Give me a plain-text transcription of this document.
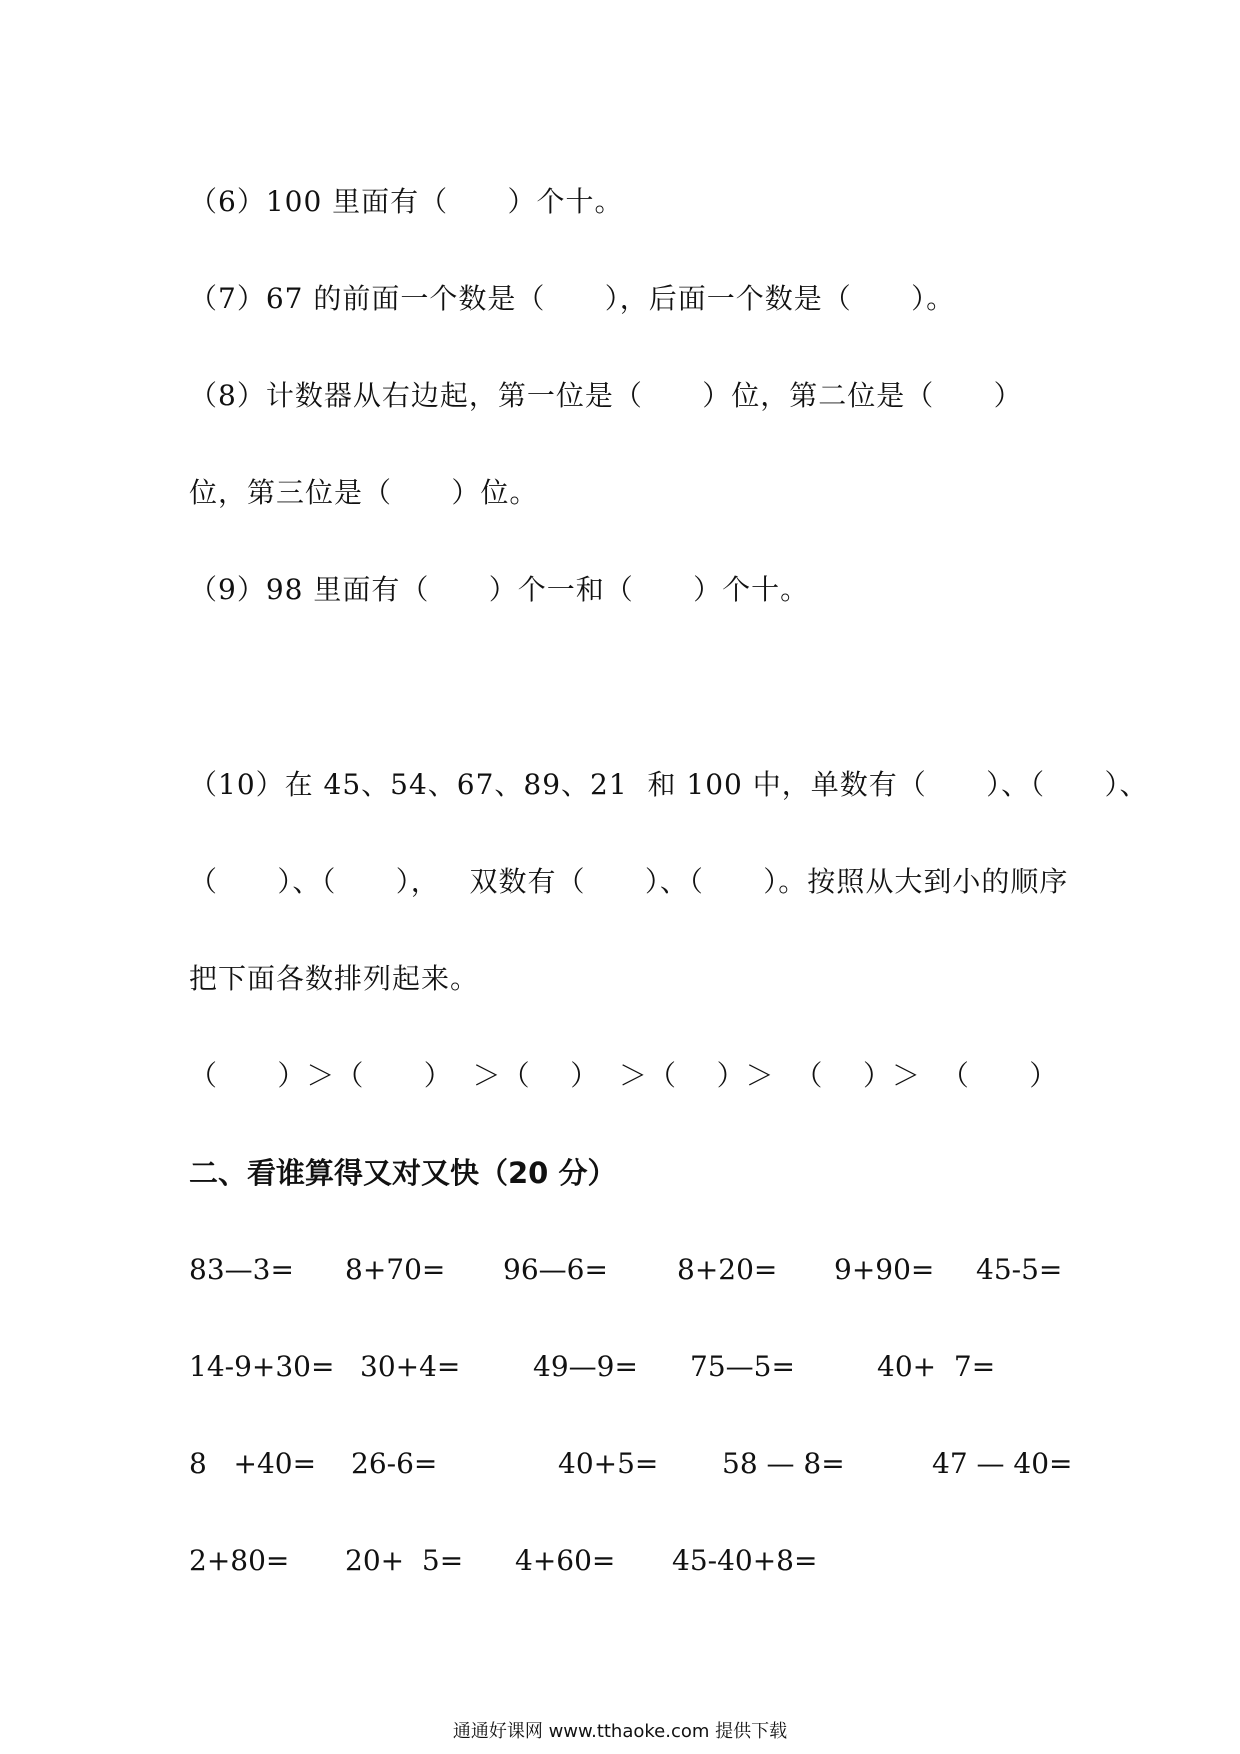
（6）100 里面有（      ）个十。
（7）67 的前面一个数是（      ），后面一个数是（      ）。
（8）计数器从右边起，第一位是（      ）位，第二位是（      ）
位，第三位是（      ）位。
（9）98 里面有（      ）个一和（      ）个十。
（10）在 45、54、67、89、21  和 100 中，单数有（      ）、（      ）、
（      ）、（      ），   双数有（      ）、（      ）。按照从大到小的顺序
把下面各数排列起来。
（      ）＞（      ）  ＞（    ）  ＞（    ）＞  （    ）＞  （      ）
二、看谁算得又对又快（20 分）
83—3= 8+70= 96—6= 8+20= 9+90= 45-5=
14-9+30= 30+4=	49—9= 75—5=	40+  7=
8   +40= 26-6=	40+5= 58 — 8=	47 — 40=
2+80= 20+  5= 4+60= 45-40+8=
通通好课网 www.tthaoke.com 提供下载
